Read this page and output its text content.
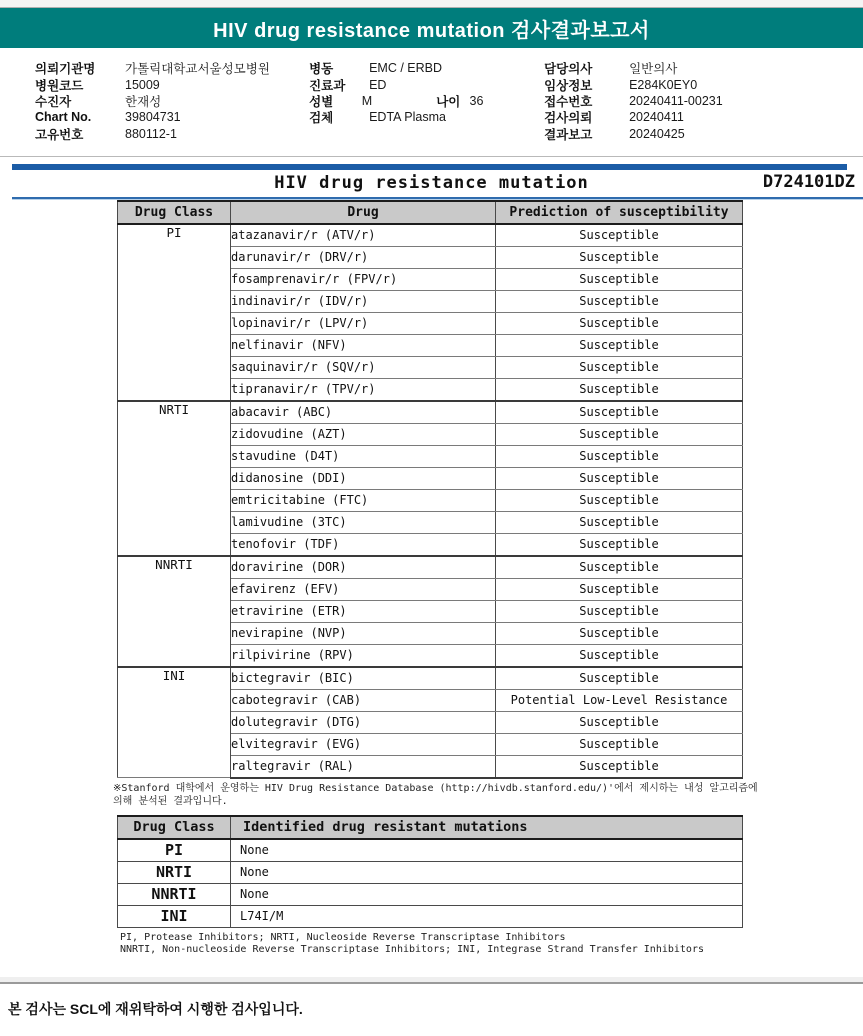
HIV drug resistance mutation 검사결과보고서
의뢰기관명	가톨릭대학교서울성모병원
병원코드	15009
수진자	한재성
Chart No.	39804731
고유번호	880112-1
병동	EMC / ERBD
진료과	ED
성별	M	나이 36
검체	EDTA Plasma
담당의사	일반의사
임상정보	E284K0EY0
접수번호	20240411-00231
검사의뢰	20240411
결과보고	20240425
HIV drug resistance mutation	D724101DZ
Drug Class	Drug	Prediction of susceptibility
PI	atazanavir/r (ATV/r)	Susceptible
	darunavir/r (DRV/r)	Susceptible
	fosamprenavir/r (FPV/r)	Susceptible
	indinavir/r (IDV/r)	Susceptible
	lopinavir/r (LPV/r)	Susceptible
	nelfinavir (NFV)	Susceptible
	saquinavir/r (SQV/r)	Susceptible
	tipranavir/r (TPV/r)	Susceptible
NRTI	abacavir (ABC)	Susceptible
	zidovudine (AZT)	Susceptible
	stavudine (D4T)	Susceptible
	didanosine (DDI)	Susceptible
	emtricitabine (FTC)	Susceptible
	lamivudine (3TC)	Susceptible
	tenofovir (TDF)	Susceptible
NNRTI	doravirine (DOR)	Susceptible
	efavirenz (EFV)	Susceptible
	etravirine (ETR)	Susceptible
	nevirapine (NVP)	Susceptible
	rilpivirine (RPV)	Susceptible
INI	bictegravir (BIC)	Susceptible
	cabotegravir (CAB)	Potential Low-Level Resistance
	dolutegravir (DTG)	Susceptible
	elvitegravir (EVG)	Susceptible
	raltegravir (RAL)	Susceptible
※Stanford 대학에서 운영하는 HIV Drug Resistance Database (http://hivdb.stanford.edu/)'에서 제시하는 내성 알고리즘에 의해 분석된 결과입니다.
Drug Class	Identified drug resistant mutations
PI	None
NRTI	None
NNRTI	None
INI	L74I/M
PI, Protease Inhibitors; NRTI, Nucleoside Reverse Transcriptase Inhibitors
NNRTI, Non-nucleoside Reverse Transcriptase Inhibitors; INI, Integrase Strand Transfer Inhibitors
본 검사는 SCL에 재위탁하여 시행한 검사입니다.
